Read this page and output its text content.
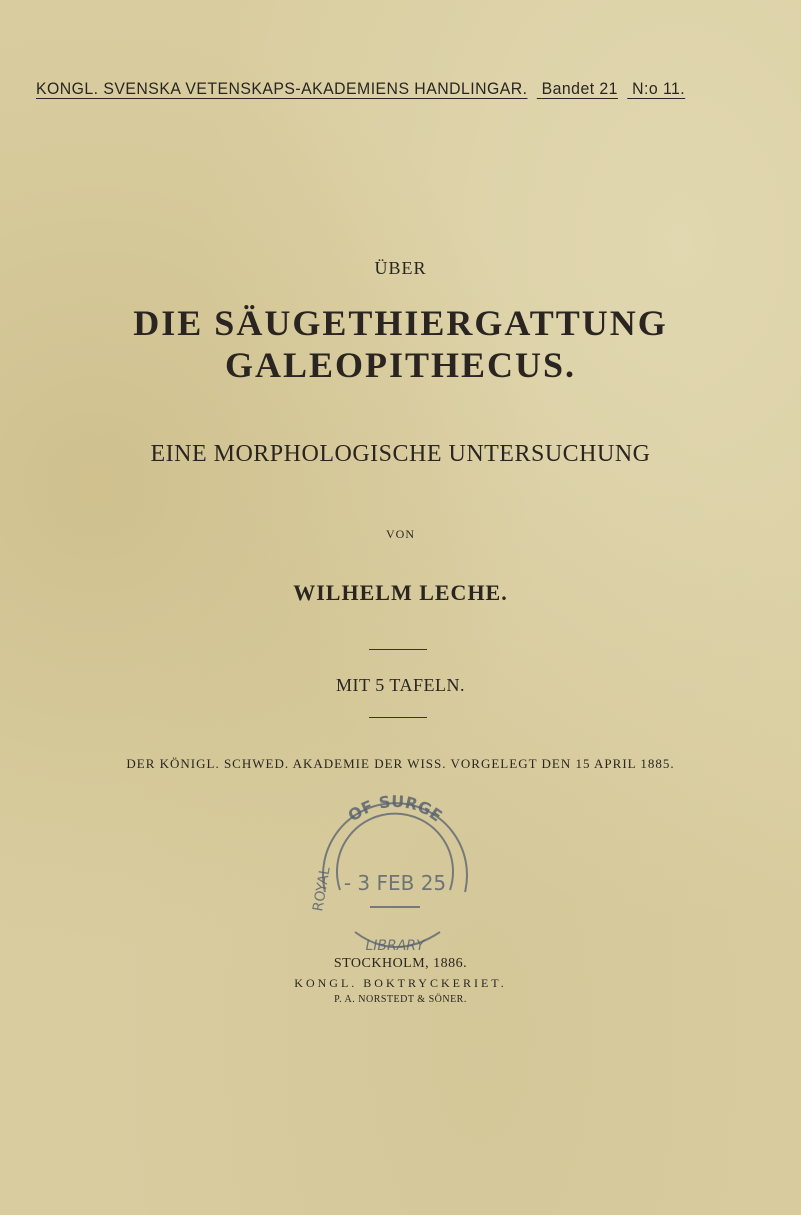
KONGL. SVENSKA VETENSKAPS-AKADEMIENS HANDLINGAR. Bandet 21 N:o 11.
ÜBER
DIE SÄUGETHIERGATTUNG GALEOPITHECUS.
EINE MORPHOLOGISCHE UNTERSUCHUNG
VON
WILHELM LECHE.
MIT 5 TAFELN.
DER KÖNIGL. SCHWED. AKADEMIE DER WISS. VORGELEGT DEN 15 APRIL 1885.
OF SURGE
ROYAL - 3 FEB 25
LIBRARY
STOCKHOLM, 1886.
KONGL. BOKTRYCKERIET.
P. A. NORSTEDT & SÖNER.
